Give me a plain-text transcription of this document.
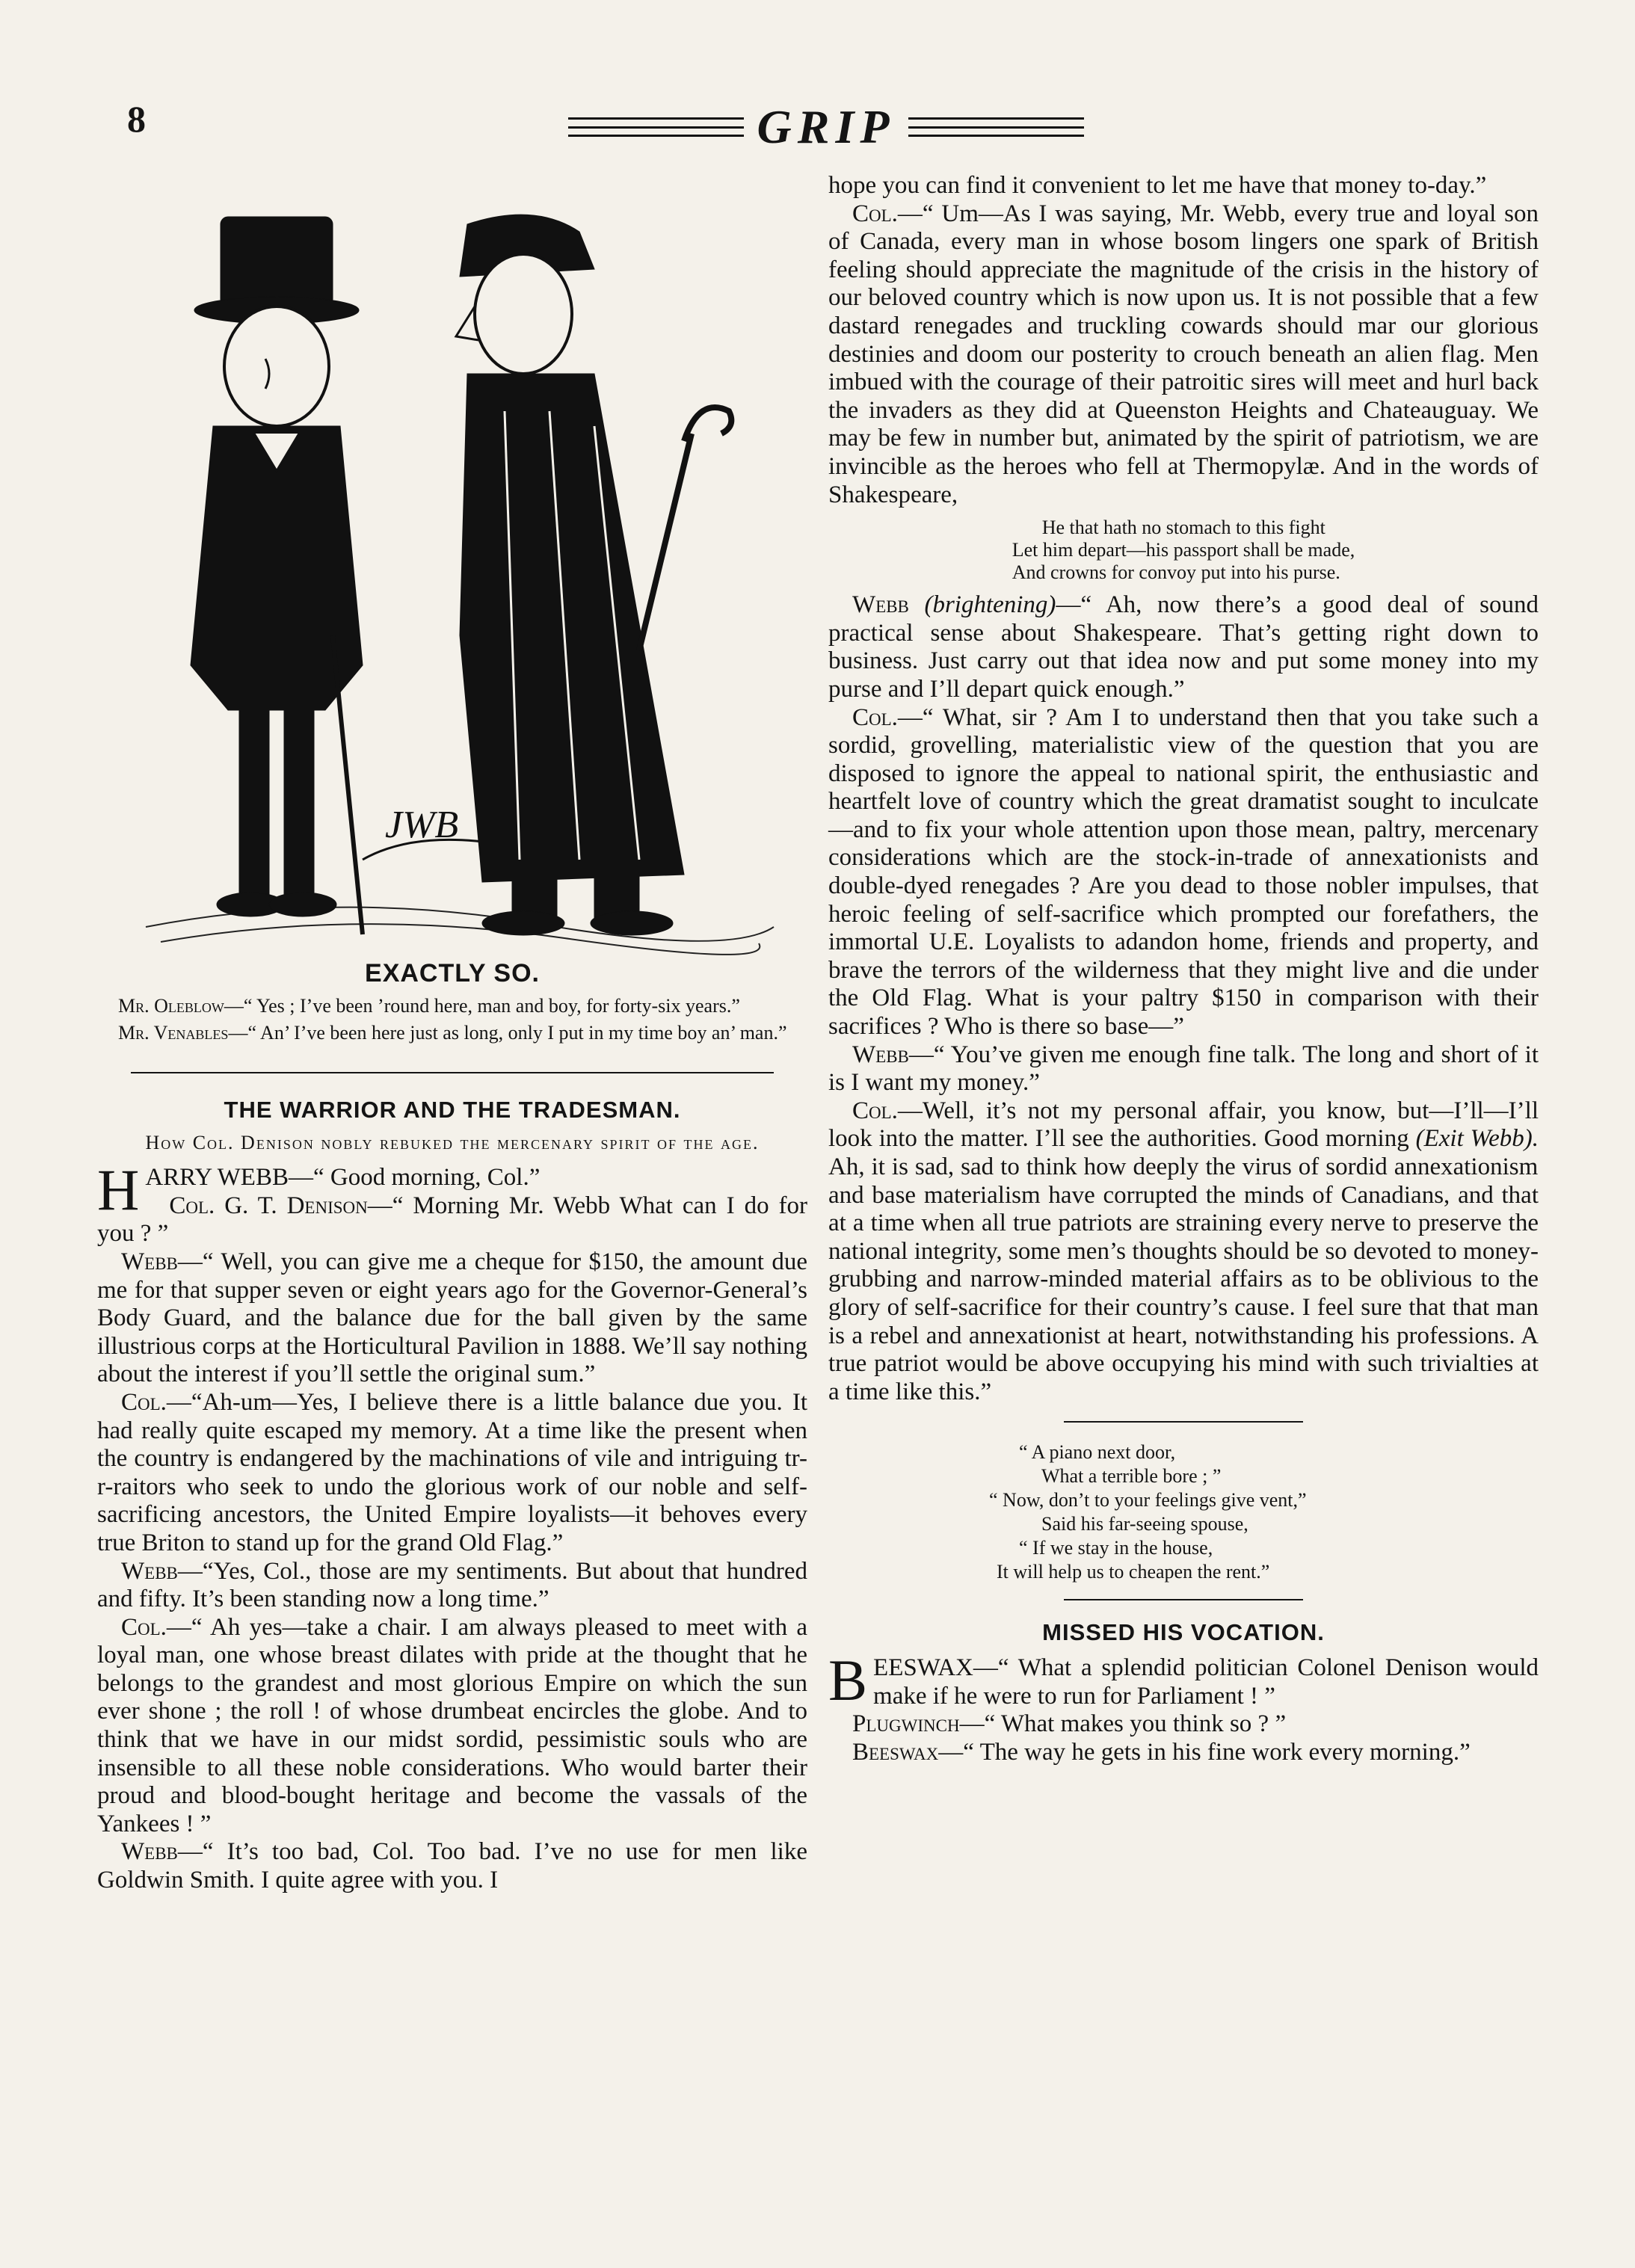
8	GRIP
JWB
EXACTLY SO.

Mr. Oleblow—“ Yes ; I’ve been ’round here, man and boy, for forty-six years.”

Mr. Venables—“ An’ I’ve been here just as long, only I put in my time boy an’ man.”

THE WARRIOR AND THE TRADESMAN.
How Col. Denison nobly rebuked the mercenary spirit of the age.

HARRY WEBB—“ Good morning, Col.”

Col. G. T. Denison—“ Morning Mr. Webb What can I do for you ? ”

Webb—“ Well, you can give me a cheque for $150, the amount due me for that supper seven or eight years ago for the Governor-General’s Body Guard, and the balance due for the ball given by the same illustrious corps at the Horticultural Pavilion in 1888. We’ll say nothing about the interest if you’ll settle the original sum.”

Col.—“Ah-um—Yes, I believe there is a little balance due you. It had really quite escaped my memory. At a time like the present when the country is endangered by the machinations of vile and intriguing tr-r-raitors who seek to undo the glorious work of our noble and self-sacrificing ancestors, the United Empire loyalists—it behoves every true Briton to stand up for the grand Old Flag.”

Webb—“Yes, Col., those are my sentiments. But about that hundred and fifty. It’s been standing now a long time.”

Col.—“ Ah yes—take a chair. I am always pleased to meet with a loyal man, one whose breast dilates with pride at the thought that he belongs to the grandest and most glorious Empire on which the sun ever shone ; the roll ! of whose drumbeat encircles the globe. And to think that we have in our midst sordid, pessimistic souls who are insensible to all these noble considerations. Who would barter their proud and blood-bought heritage and become the vassals of the Yankees ! ”

Webb—“ It’s too bad, Col. Too bad. I’ve no use for men like Goldwin Smith. I quite agree with you. I

hope you can find it convenient to let me have that money to-day.”

Col.—“ Um—As I was saying, Mr. Webb, every true and loyal son of Canada, every man in whose bosom lingers one spark of British feeling should appreciate the magnitude of the crisis in the history of our beloved country which is now upon us. It is not possible that a few dastard renegades and truckling cowards should mar our glorious destinies and doom our posterity to crouch beneath an alien flag. Men imbued with the courage of their patroitic sires will meet and hurl back the invaders as they did at Queenston Heights and Chateauguay. We may be few in number but, animated by the spirit of patriotism, we are invincible as the heroes who fell at Thermopylæ. And in the words of Shakespeare,

He that hath no stomach to this fight
Let him depart—his passport shall be made,
And crowns for convoy put into his purse.

Webb (brightening)—“ Ah, now there’s a good deal of sound practical sense about Shakespeare. That’s getting right down to business. Just carry out that idea now and put some money into my purse and I’ll depart quick enough.”

Col.—“ What, sir ? Am I to understand then that you take such a sordid, grovelling, materialistic view of the question that you are disposed to ignore the appeal to national spirit, the enthusiastic and heartfelt love of country which the great dramatist sought to inculcate—and to fix your whole attention upon those mean, paltry, mercenary considerations which are the stock-in-trade of annexationists and double-dyed renegades ? Are you dead to those nobler impulses, that heroic feeling of self-sacrifice which prompted our forefathers, the immortal U.E. Loyalists to adandon home, friends and property, and brave the terrors of the wilderness that they might live and die under the Old Flag. What is your paltry $150 in comparison with their sacrifices ? Who is there so base—”

Webb—“ You’ve given me enough fine talk. The long and short of it is I want my money.”

Col.—Well, it’s not my personal affair, you know, but—I’ll—I’ll look into the matter. I’ll see the authorities. Good morning (Exit Webb). Ah, it is sad, sad to think how deeply the virus of sordid annexationism and base materialism have corrupted the minds of Canadians, and that at a time when all true patriots are straining every nerve to preserve the national integrity, some men’s thoughts should be so devoted to money-grubbing and narrow-minded material affairs as to be oblivious to the glory of self-sacrifice for their country’s cause. I feel sure that that man is a rebel and annexationist at heart, notwithstanding his professions. A true patriot would be above occupying his mind with such trivialties at a time like this.”

“ A piano next door,
What a terrible bore ; ”
“ Now, don’t to your feelings give vent,”
Said his far-seeing spouse,
“ If we stay in the house,
It will help us to cheapen the rent.”
MISSED HIS VOCATION.

BEESWAX—“ What a splendid politician Colonel Denison would make if he were to run for Parliament ! ”

Plugwinch—“ What makes you think so ? ”

Beeswax—“ The way he gets in his fine work every morning.”
